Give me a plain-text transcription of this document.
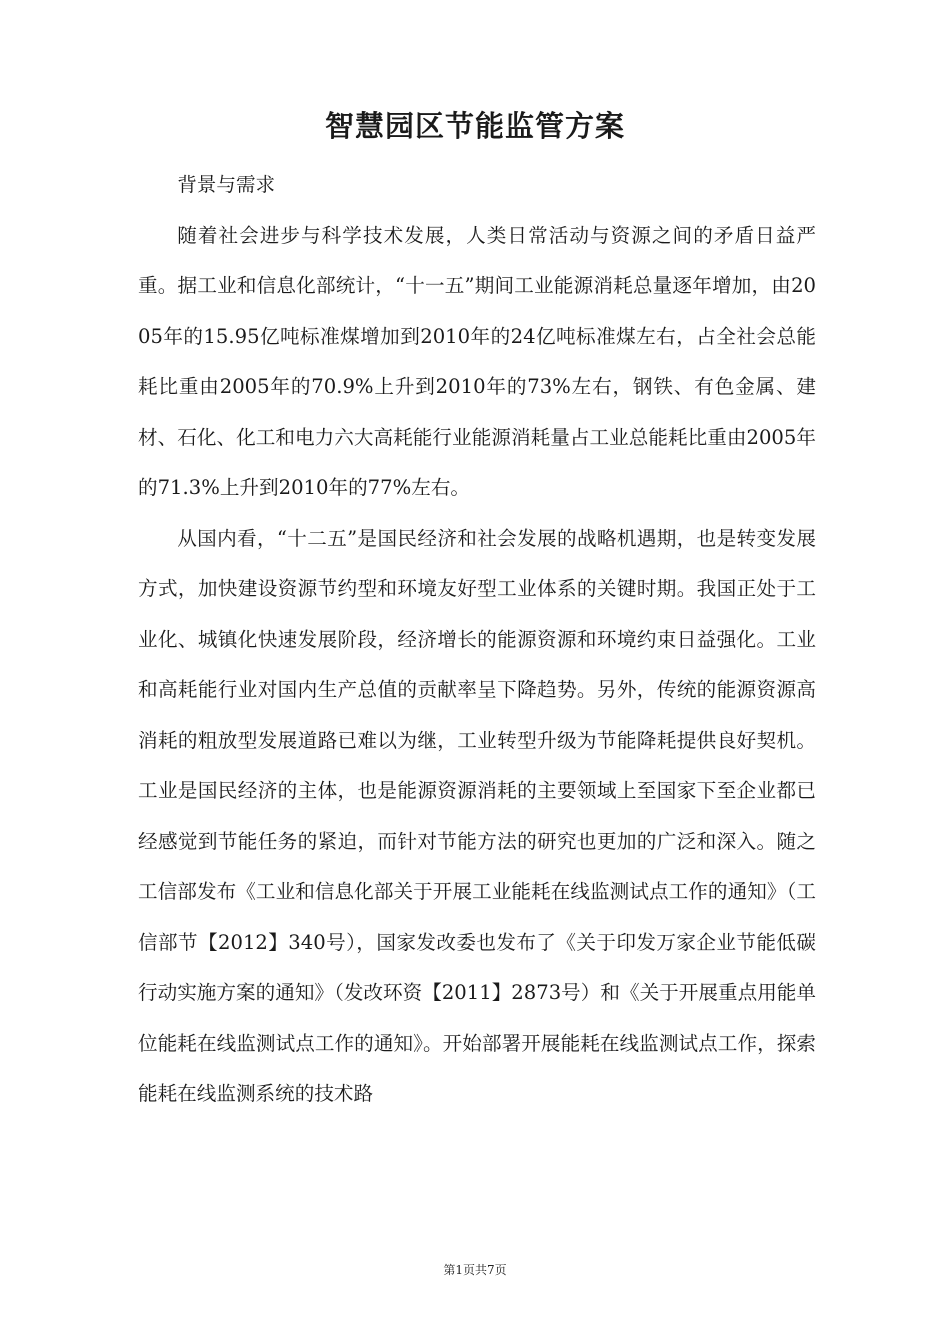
智慧园区节能监管方案

背景与需求

随着社会进步与科学技术发展，人类日常活动与资源之间的矛盾日益严重。据工业和信息化部统计，“十一五”期间工业能源消耗总量逐年增加，由2005年的15.95亿吨标准煤增加到2010年的24亿吨标准煤左右，占全社会总能耗比重由2005年的70.9%上升到2010年的73%左右，钢铁、有色金属、建材、石化、化工和电力六大高耗能行业能源消耗量占工业总能耗比重由2005年的71.3%上升到2010年的77%左右。

从国内看，“十二五”是国民经济和社会发展的战略机遇期，也是转变发展方式，加快建设资源节约型和环境友好型工业体系的关键时期。我国正处于工业化、城镇化快速发展阶段，经济增长的能源资源和环境约束日益强化。工业和高耗能行业对国内生产总值的贡献率呈下降趋势。另外，传统的能源资源高消耗的粗放型发展道路已难以为继，工业转型升级为节能降耗提供良好契机。工业是国民经济的主体，也是能源资源消耗的主要领域上至国家下至企业都已经感觉到节能任务的紧迫，而针对节能方法的研究也更加的广泛和深入。随之工信部发布《工业和信息化部关于开展工业能耗在线监测试点工作的通知》（工信部节【2012】340号），国家发改委也发布了《关于印发万家企业节能低碳行动实施方案的通知》（发改环资【2011】2873号）和《关于开展重点用能单位能耗在线监测试点工作的通知》。开始部署开展能耗在线监测试点工作，探索能耗在线监测系统的技术路

第1页共7页
